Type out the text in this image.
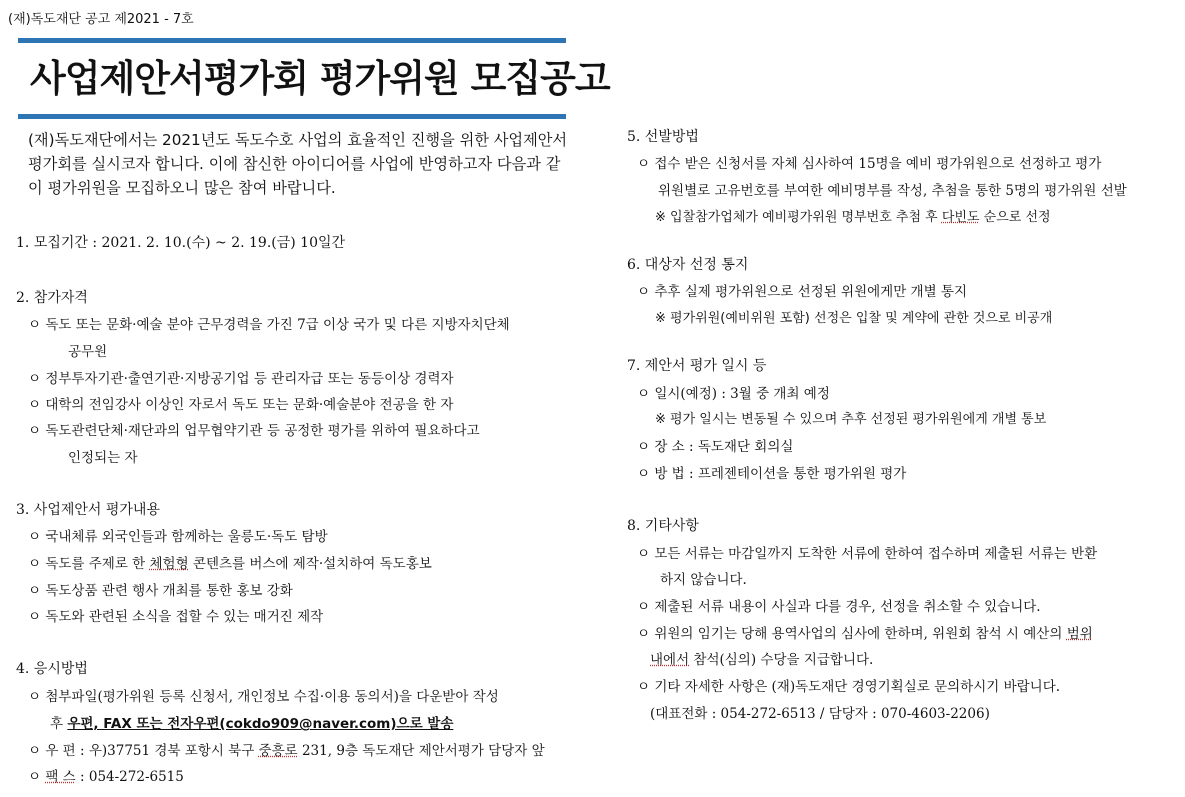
(재)독도재단 공고 제2021 - 7호
사업제안서평가회 평가위원 모집공고
(재)독도재단에서는 2021년도 독도수호 사업의 효율적인 진행을 위한 사업제안서평가회를 실시코자 합니다. 이에 참신한 아이디어를 사업에 반영하고자 다음과 같이 평가위원을 모집하오니 많은 참여 바랍니다.
1. 모집기간 : 2021. 2. 10.(수) ~ 2. 19.(금) 10일간
2. 참가자격
ㅇ 독도 또는 문화·예술 분야 근무경력을 가진 7급 이상 국가 및 다른 지방자치단체
공무원
ㅇ 정부투자기관·출연기관·지방공기업 등 관리자급 또는 동등이상 경력자
ㅇ 대학의 전임강사 이상인 자로서 독도 또는 문화·예술분야 전공을 한 자
ㅇ 독도관련단체·재단과의 업무협약기관 등 공정한 평가를 위하여 필요하다고
인정되는 자
3. 사업제안서 평가내용
ㅇ 국내체류 외국인들과 함께하는 울릉도·독도 탐방
ㅇ 독도를 주제로 한 체험형 콘텐츠를 버스에 제작·설치하여 독도홍보
ㅇ 독도상품 관련 행사 개최를 통한 홍보 강화
ㅇ 독도와 관련된 소식을 접할 수 있는 매거진 제작
4. 응시방법
ㅇ 첨부파일(평가위원 등록 신청서, 개인정보 수집·이용 동의서)을 다운받아 작성
후 우편, FAX 또는 전자우편(cokdo909@naver.com)으로 발송
ㅇ 우 편 : 우)37751 경북 포항시 북구 중흥로 231, 9층 독도재단 제안서평가 담당자 앞
ㅇ 팩 스 : 054-272-6515
5. 선발방법
ㅇ 접수 받은 신청서를 자체 심사하여 15명을 예비 평가위원으로 선정하고 평가
위원별로 고유번호를 부여한 예비명부를 작성, 추첨을 통한 5명의 평가위원 선발
※ 입찰참가업체가 예비평가위원 명부번호 추첨 후 다빈도 순으로 선정
6. 대상자 선정 통지
ㅇ 추후 실제 평가위원으로 선정된 위원에게만 개별 통지
※ 평가위원(예비위원 포함) 선정은 입찰 및 계약에 관한 것으로 비공개
7. 제안서 평가 일시 등
ㅇ 일시(예정) : 3월 중 개최 예정
※ 평가 일시는 변동될 수 있으며 추후 선정된 평가위원에게 개별 통보
ㅇ 장 소 : 독도재단 회의실
ㅇ 방 법 : 프레젠테이션을 통한 평가위원 평가
8. 기타사항
ㅇ 모든 서류는 마감일까지 도착한 서류에 한하여 접수하며 제출된 서류는 반환
하지 않습니다.
ㅇ 제출된 서류 내용이 사실과 다를 경우, 선정을 취소할 수 있습니다.
ㅇ 위원의 임기는 당해 용역사업의 심사에 한하며, 위원회 참석 시 예산의 범위
내에서 참석(심의) 수당을 지급합니다.
ㅇ 기타 자세한 사항은 (재)독도재단 경영기획실로 문의하시기 바랍니다.
(대표전화 : 054-272-6513 / 담당자 : 070-4603-2206)
